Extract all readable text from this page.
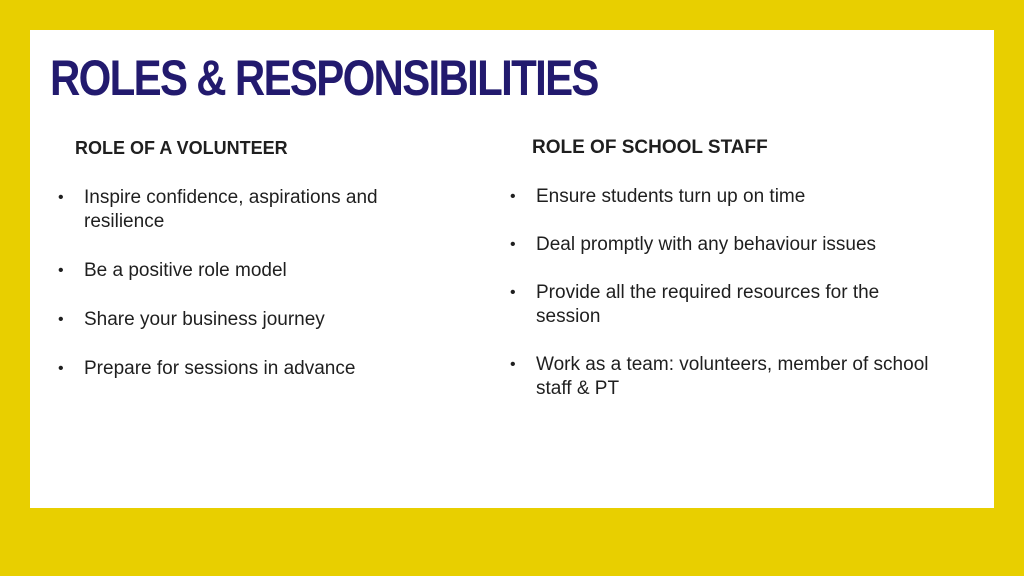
ROLES & RESPONSIBILITIES
ROLE OF A VOLUNTEER
• Inspire confidence, aspirations and resilience
• Be a positive role model
• Share your business journey
• Prepare for sessions in advance
ROLE OF SCHOOL STAFF
• Ensure students turn up on time
• Deal promptly with any behaviour issues
• Provide all the required resources for the session
• Work as a team: volunteers, member of school staff & PT
